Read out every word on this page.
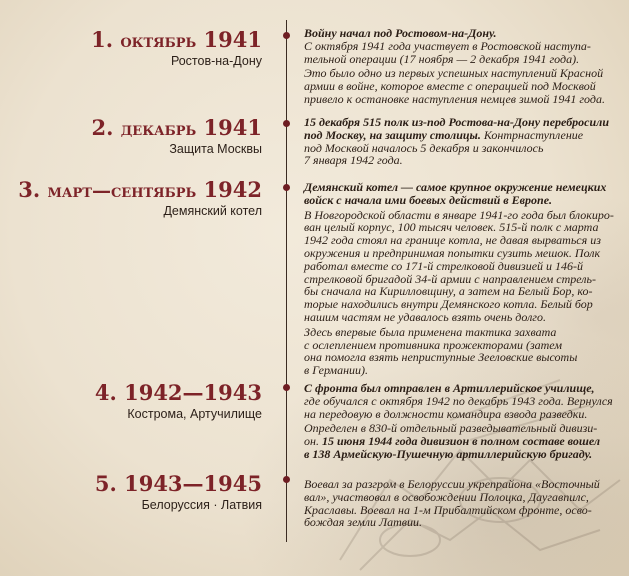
1. октябрь 1941
Ростов-на-Дону
2. декабрь 1941
Защита Москвы
3. март—сентябрь 1942
Демянский котел
4. 1942—1943
Кострома, Артучилище
5. 1943—1945
Белоруссия · Латвия
Войну начал под Ростовом-на-Дону.
С октября 1941 года участвует в Ростовской наступа-
тельной операции (17 ноября — 2 декабря 1941 года).
Это было одно из первых успешных наступлений Красной
армии в войне, которое вместе с операцией под Москвой
привело к остановке наступления немцев зимой 1941 года.
15 декабря 515 полк из-под Ростова-на-Дону перебросили
под Москву, на защиту столицы. Контрнаступление
под Москвой началось 5 декабря и закончилось
7 января 1942 года.
Демянский котел — самое крупное окружение немецких
войск с начала ими боевых действий в Европе.
В Новгородской области в январе 1941-го года был блокиро-
ван целый корпус, 100 тысяч человек. 515-й полк с марта
1942 года стоял на границе котла, не давая вырваться из
окружения и предпринимая попытки сузить мешок. Полк
работал вместе со 171-й стрелковой дивизией и 146-й
стрелковой бригадой 34-й армии с направлением стрель-
бы сначала на Кирилловщину, а затем на Белый Бор, ко-
торые находились внутри Демянского котла. Белый бор
нашим частям не удавалось взять очень долго.
Здесь впервые была применена тактика захвата
с ослеплением противника прожекторами (затем
она помогла взять неприступные Зееловские высоты
в Германии).
С фронта был отправлен в Артиллерийское училище,
где обучался с октября 1942 по декабрь 1943 года. Вернулся
на передовую в должности командира взвода разведки.
Определен в 830-й отдельный разведывательный дивизи-
он. 15 июня 1944 года дивизион в полном составе вошел
в 138 Армейскую-Пушечную артиллерийскую бригаду.
Воевал за разгром в Белоруссии укрепрайона «Восточный
вал», участвовал в освобождении Полоцка, Даугавпилс,
Краславы. Воевал на 1-м Прибалтийском фронте, осво-
бождая земли Латвии.
